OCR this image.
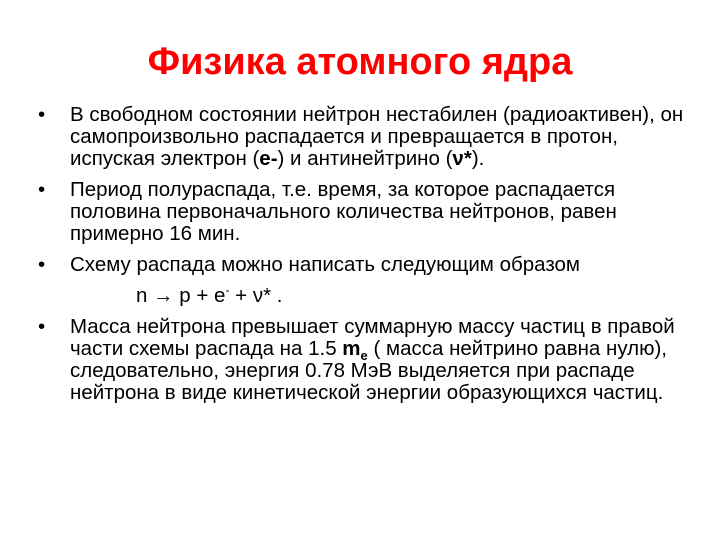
Физика атомного ядра
• В свободном состоянии нейтрон нестабилен (радиоактивен), он самопроизвольно распадается и превращается в протон, испуская электрон (е-) и антинейтрино (ν*).
• Период полураспада, т.е. время, за которое распадается половина первоначального количества нейтронов, равен примерно 16 мин.
• Схему распада можно написать следующим образом
n → p + e- + ν* .
• Масса нейтрона превышает суммарную массу частиц в правой части схемы распада на 1.5 $m_e$ ( масса нейтрино равна нулю), следовательно, энергия 0.78 МэВ выделяется при распаде нейтрона в виде кинетической энергии образующихся частиц.
